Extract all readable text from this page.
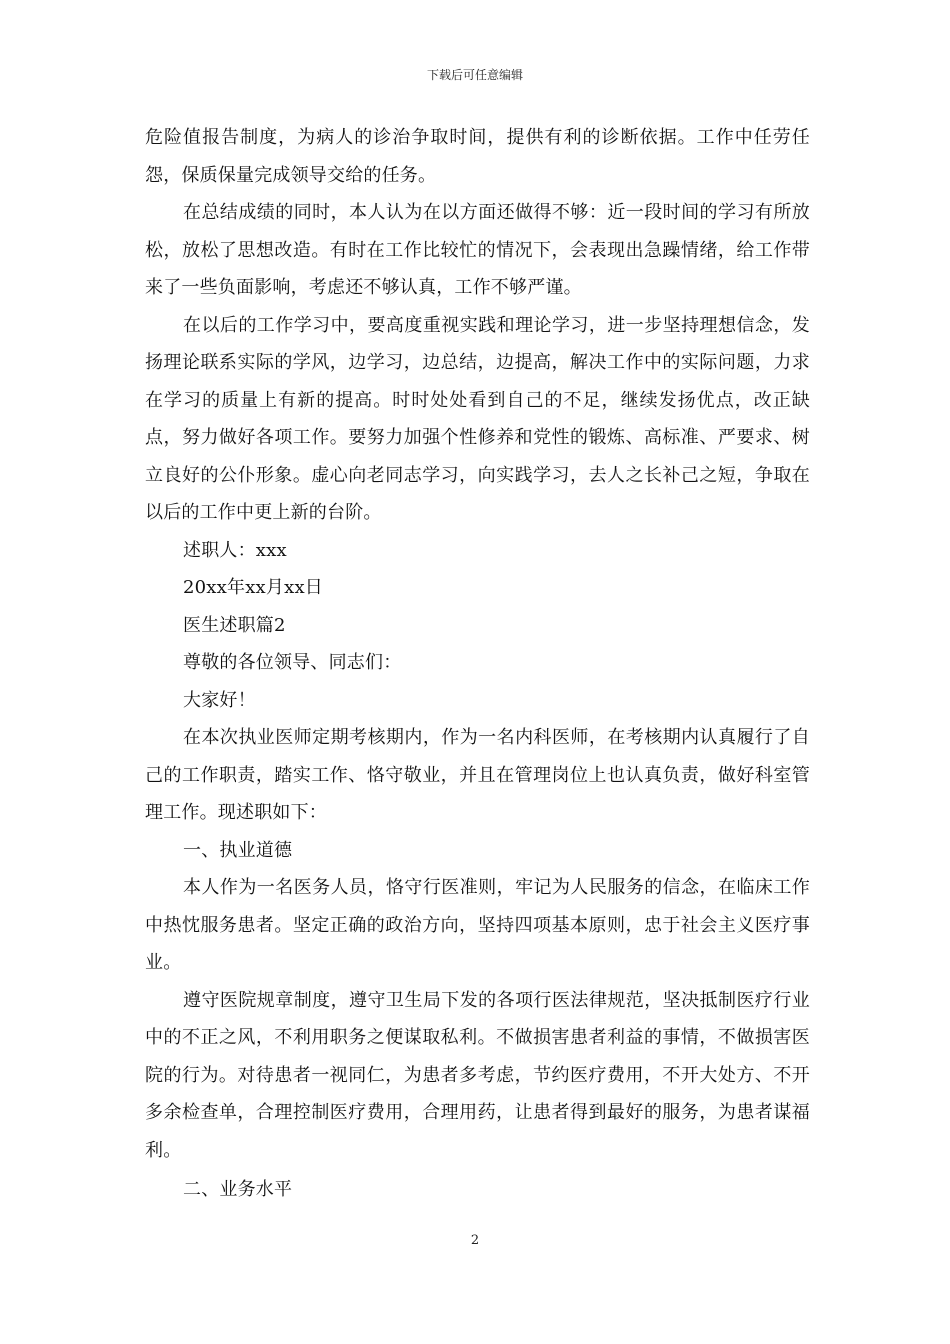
下载后可任意编辑

危险值报告制度，为病人的诊治争取时间，提供有利的诊断依据。工作中任劳任怨，保质保量完成领导交给的任务。

在总结成绩的同时，本人认为在以方面还做得不够：近一段时间的学习有所放松，放松了思想改造。有时在工作比较忙的情况下，会表现出急躁情绪，给工作带来了一些负面影响，考虑还不够认真，工作不够严谨。

在以后的工作学习中，要高度重视实践和理论学习，进一步坚持理想信念，发扬理论联系实际的学风，边学习，边总结，边提高，解决工作中的实际问题，力求在学习的质量上有新的提高。时时处处看到自己的不足，继续发扬优点，改正缺点，努力做好各项工作。要努力加强个性修养和党性的锻炼、高标准、严要求、树立良好的公仆形象。虚心向老同志学习，向实践学习，去人之长补己之短，争取在以后的工作中更上新的台阶。

述职人：xxx

20xx年xx月xx日

医生述职篇2

尊敬的各位领导、同志们：

大家好！

在本次执业医师定期考核期内，作为一名内科医师，在考核期内认真履行了自己的工作职责，踏实工作、恪守敬业，并且在管理岗位上也认真负责，做好科室管理工作。现述职如下：

一、执业道德

本人作为一名医务人员，恪守行医准则，牢记为人民服务的信念，在临床工作中热忱服务患者。坚定正确的政治方向，坚持四项基本原则，忠于社会主义医疗事业。

遵守医院规章制度，遵守卫生局下发的各项行医法律规范，坚决抵制医疗行业中的不正之风，不利用职务之便谋取私利。不做损害患者利益的事情，不做损害医院的行为。对待患者一视同仁，为患者多考虑，节约医疗费用，不开大处方、不开多余检查单，合理控制医疗费用，合理用药，让患者得到最好的服务，为患者谋福利。

二、业务水平

2
